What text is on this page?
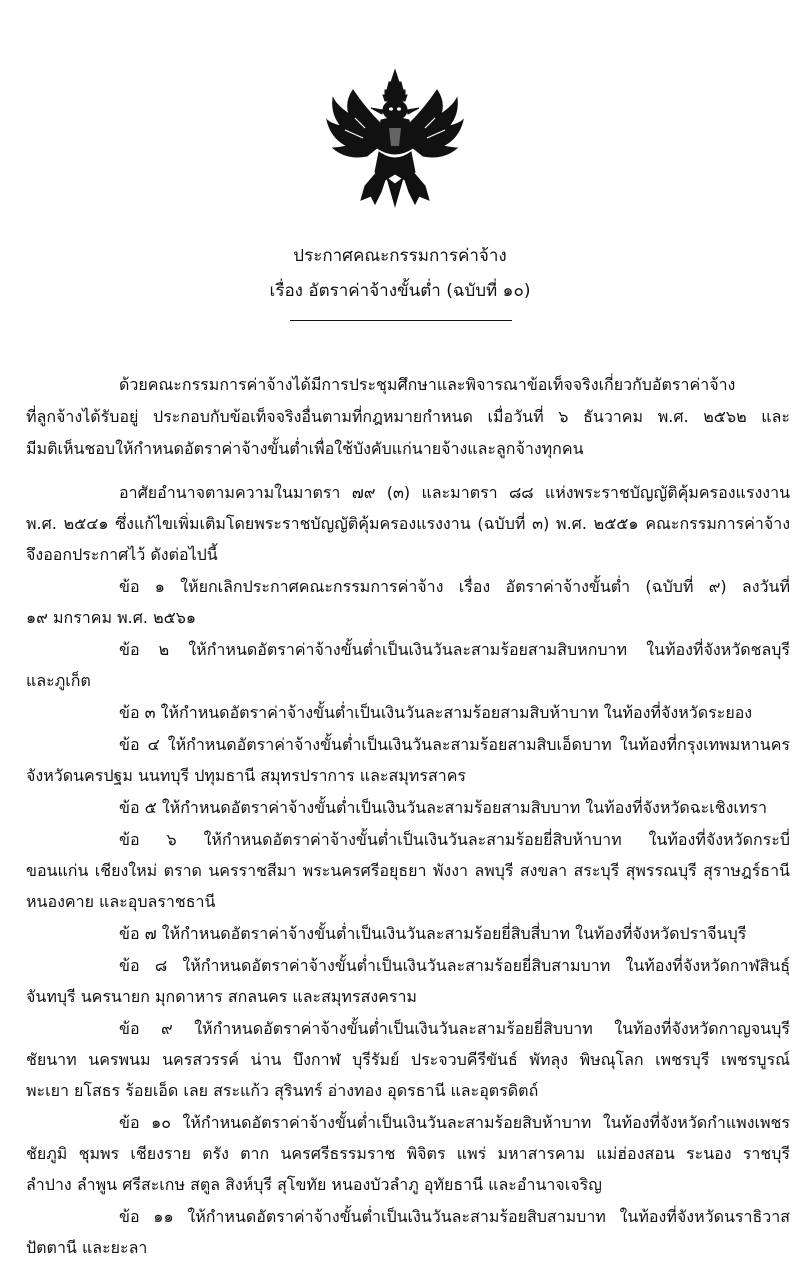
ประกาศคณะกรรมการค่าจ้าง
เรื่อง อัตราค่าจ้างขั้นต่ำ (ฉบับที่ ๑๐)
ด้วยคณะกรรมการค่าจ้างได้มีการประชุมศึกษาและพิจารณาข้อเท็จจริงเกี่ยวกับอัตราค่าจ้าง
ที่ลูกจ้างได้รับอยู่ ประกอบกับข้อเท็จจริงอื่นตามที่กฎหมายกำหนด เมื่อวันที่ ๖ ธันวาคม พ.ศ. ๒๕๖๒ และ
มีมติเห็นชอบให้กำหนดอัตราค่าจ้างขั้นต่ำเพื่อใช้บังคับแก่นายจ้างและลูกจ้างทุกคน
อาศัยอำนาจตามความในมาตรา ๗๙ (๓) และมาตรา ๘๘ แห่งพระราชบัญญัติคุ้มครองแรงงาน
พ.ศ. ๒๕๔๑ ซึ่งแก้ไขเพิ่มเติมโดยพระราชบัญญัติคุ้มครองแรงงาน (ฉบับที่ ๓) พ.ศ. ๒๕๕๑ คณะกรรมการค่าจ้าง
จึงออกประกาศไว้ ดังต่อไปนี้
ข้อ ๑ ให้ยกเลิกประกาศคณะกรรมการค่าจ้าง เรื่อง อัตราค่าจ้างขั้นต่ำ (ฉบับที่ ๙) ลงวันที่
๑๙ มกราคม พ.ศ. ๒๕๖๑
ข้อ ๒ ให้กำหนดอัตราค่าจ้างขั้นต่ำเป็นเงินวันละสามร้อยสามสิบหกบาท ในท้องที่จังหวัดชลบุรี
และภูเก็ต
ข้อ ๓ ให้กำหนดอัตราค่าจ้างขั้นต่ำเป็นเงินวันละสามร้อยสามสิบห้าบาท ในท้องที่จังหวัดระยอง
ข้อ ๔ ให้กำหนดอัตราค่าจ้างขั้นต่ำเป็นเงินวันละสามร้อยสามสิบเอ็ดบาท ในท้องที่กรุงเทพมหานคร
จังหวัดนครปฐม นนทบุรี ปทุมธานี สมุทรปราการ และสมุทรสาคร
ข้อ ๕ ให้กำหนดอัตราค่าจ้างขั้นต่ำเป็นเงินวันละสามร้อยสามสิบบาท ในท้องที่จังหวัดฉะเชิงเทรา
ข้อ ๖ ให้กำหนดอัตราค่าจ้างขั้นต่ำเป็นเงินวันละสามร้อยยี่สิบห้าบาท ในท้องที่จังหวัดกระบี่
ขอนแก่น เชียงใหม่ ตราด นครราชสีมา พระนครศรีอยุธยา พังงา ลพบุรี สงขลา สระบุรี สุพรรณบุรี สุราษฎร์ธานี
หนองคาย และอุบลราชธานี
ข้อ ๗ ให้กำหนดอัตราค่าจ้างขั้นต่ำเป็นเงินวันละสามร้อยยี่สิบสี่บาท ในท้องที่จังหวัดปราจีนบุรี
ข้อ ๘ ให้กำหนดอัตราค่าจ้างขั้นต่ำเป็นเงินวันละสามร้อยยี่สิบสามบาท ในท้องที่จังหวัดกาฬสินธุ์
จันทบุรี นครนายก มุกดาหาร สกลนคร และสมุทรสงคราม
ข้อ ๙ ให้กำหนดอัตราค่าจ้างขั้นต่ำเป็นเงินวันละสามร้อยยี่สิบบาท ในท้องที่จังหวัดกาญจนบุรี
ชัยนาท นครพนม นครสวรรค์ น่าน บึงกาฬ บุรีรัมย์ ประจวบคีรีขันธ์ พัทลุง พิษณุโลก เพชรบุรี เพชรบูรณ์
พะเยา ยโสธร ร้อยเอ็ด เลย สระแก้ว สุรินทร์ อ่างทอง อุดรธานี และอุตรดิตถ์
ข้อ ๑๐ ให้กำหนดอัตราค่าจ้างขั้นต่ำเป็นเงินวันละสามร้อยสิบห้าบาท ในท้องที่จังหวัดกำแพงเพชร
ชัยภูมิ ชุมพร เชียงราย ตรัง ตาก นครศรีธรรมราช พิจิตร แพร่ มหาสารคาม แม่ฮ่องสอน ระนอง ราชบุรี
ลำปาง ลำพูน ศรีสะเกษ สตูล สิงห์บุรี สุโขทัย หนองบัวลำภู อุทัยธานี และอำนาจเจริญ
ข้อ ๑๑ ให้กำหนดอัตราค่าจ้างขั้นต่ำเป็นเงินวันละสามร้อยสิบสามบาท ในท้องที่จังหวัดนราธิวาส
ปัตตานี และยะลา
